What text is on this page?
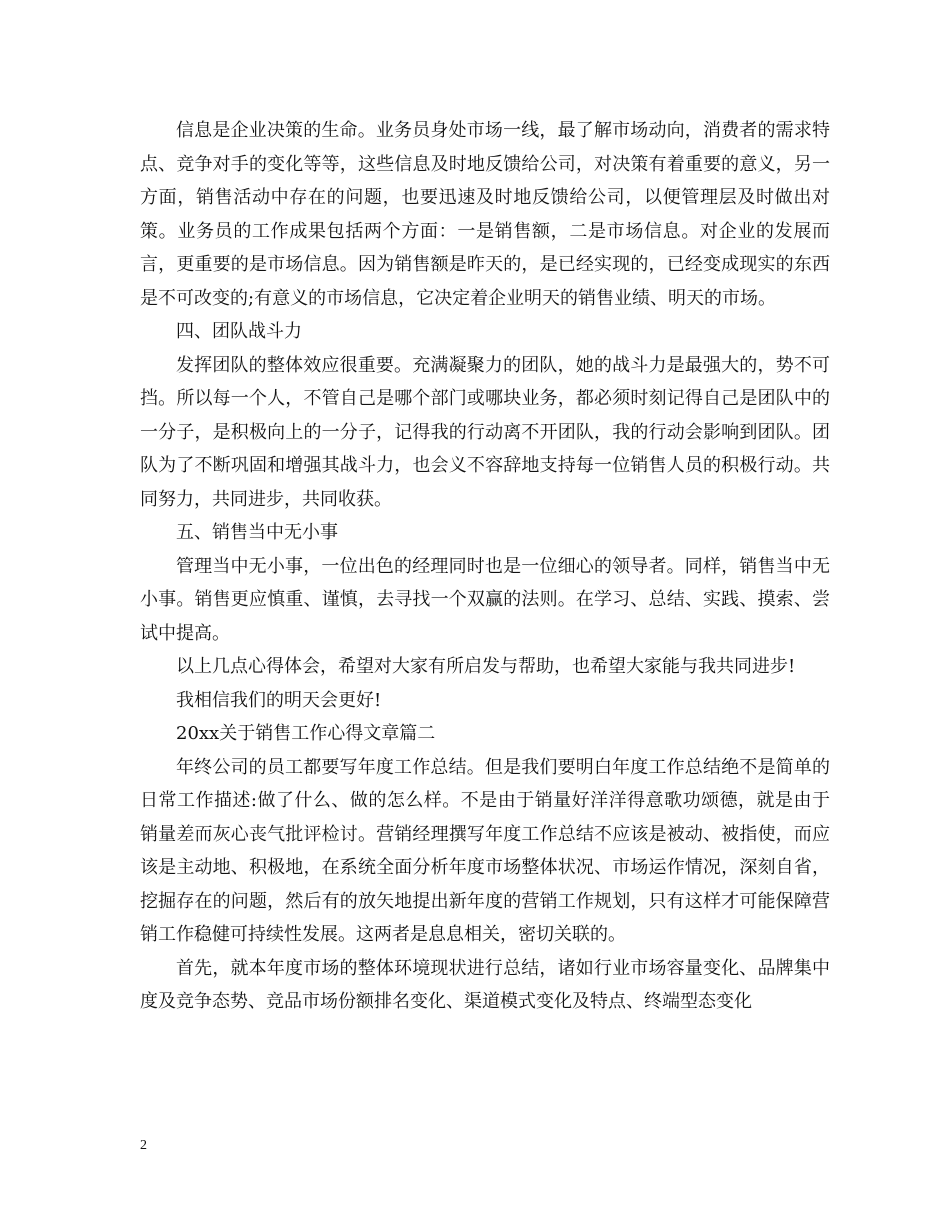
信息是企业决策的生命。业务员身处市场一线，最了解市场动向，消费者的需求特点、竞争对手的变化等等，这些信息及时地反馈给公司，对决策有着重要的意义，另一方面，销售活动中存在的问题，也要迅速及时地反馈给公司，以便管理层及时做出对策。业务员的工作成果包括两个方面：一是销售额，二是市场信息。对企业的发展而言，更重要的是市场信息。因为销售额是昨天的，是已经实现的，已经变成现实的东西是不可改变的;有意义的市场信息，它决定着企业明天的销售业绩、明天的市场。

四、团队战斗力

发挥团队的整体效应很重要。充满凝聚力的团队，她的战斗力是最强大的，势不可挡。所以每一个人，不管自己是哪个部门或哪块业务，都必须时刻记得自己是团队中的一分子，是积极向上的一分子，记得我的行动离不开团队，我的行动会影响到团队。团队为了不断巩固和增强其战斗力，也会义不容辞地支持每一位销售人员的积极行动。共同努力，共同进步，共同收获。

五、销售当中无小事

管理当中无小事，一位出色的经理同时也是一位细心的领导者。同样，销售当中无小事。销售更应慎重、谨慎，去寻找一个双赢的法则。在学习、总结、实践、摸索、尝试中提高。

以上几点心得体会，希望对大家有所启发与帮助，也希望大家能与我共同进步!

我相信我们的明天会更好!

20xx关于销售工作心得文章篇二

年终公司的员工都要写年度工作总结。但是我们要明白年度工作总结绝不是简单的日常工作描述:做了什么、做的怎么样。不是由于销量好洋洋得意歌功颂德，就是由于销量差而灰心丧气批评检讨。营销经理撰写年度工作总结不应该是被动、被指使，而应该是主动地、积极地，在系统全面分析年度市场整体状况、市场运作情况，深刻自省，挖掘存在的问题，然后有的放矢地提出新年度的营销工作规划，只有这样才可能保障营销工作稳健可持续性发展。这两者是息息相关，密切关联的。

首先，就本年度市场的整体环境现状进行总结，诸如行业市场容量变化、品牌集中度及竞争态势、竞品市场份额排名变化、渠道模式变化及特点、终端型态变化

2
